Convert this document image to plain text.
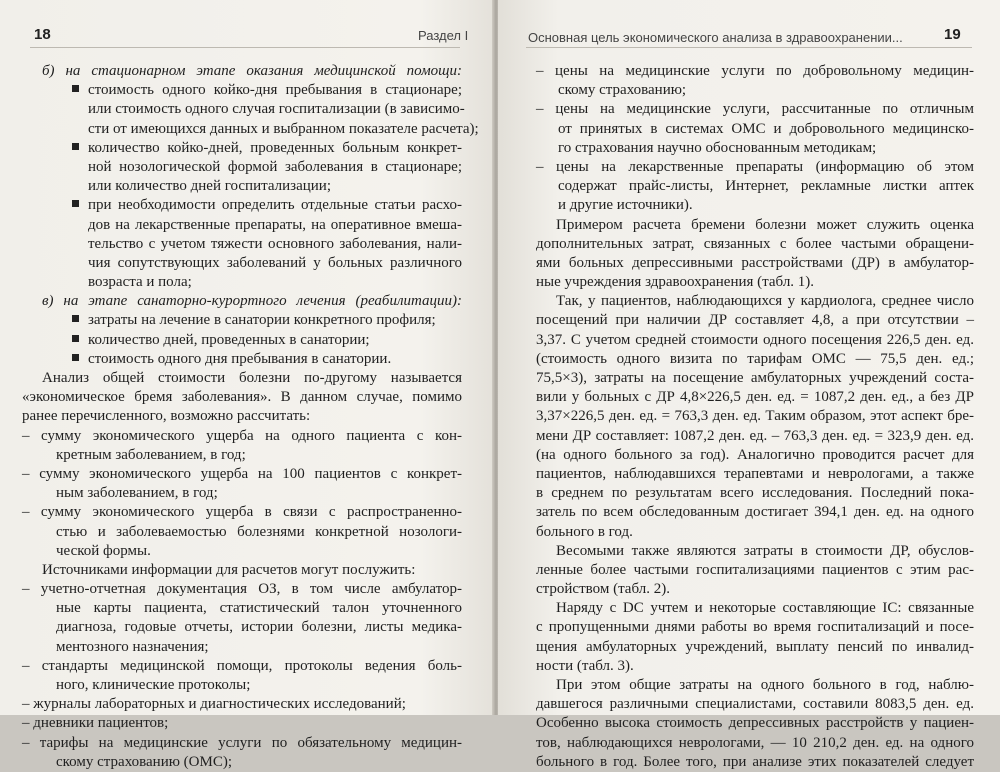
18	Раздел I
б) на стационарном этапе оказания медицинской помощи:
стоимость одного койко-дня пребывания в стационаре;
или стоимость одного случая госпитализации (в зависимо-
сти от имеющихся данных и выбранном показателе расчета);
количество койко-дней, проведенных больным конкрет-
ной нозологической формой заболевания в стационаре;
или количество дней госпитализации;
при необходимости определить отдельные статьи расхо-
дов на лекарственные препараты, на оперативное вмеша-
тельство с учетом тяжести основного заболевания, нали-
чия сопутствующих заболеваний у больных различного
возраста и пола;
в) на этапе санаторно-курортного лечения (реабилитации):
затраты на лечение в санатории конкретного профиля;
количество дней, проведенных в санатории;
стоимость одного дня пребывания в санатории.
Анализ общей стоимости болезни по-другому называется
«экономическое бремя заболевания». В данном случае, помимо
ранее перечисленного, возможно рассчитать:
– сумму экономического ущерба на одного пациента с кон-
кретным заболеванием, в год;
– сумму экономического ущерба на 100 пациентов с конкрет-
ным заболеванием, в год;
– сумму экономического ущерба в связи с распространенно-
стью и заболеваемостью болезнями конкретной нозологи-
ческой формы.
Источниками информации для расчетов могут послужить:
– учетно-отчетная документация ОЗ, в том числе амбулатор-
ные карты пациента, статистический талон уточненного
диагноза, годовые отчеты, истории болезни, листы медика-
ментозного назначения;
– стандарты медицинской помощи, протоколы ведения боль-
ного, клинические протоколы;
– журналы лабораторных и диагностических исследований;
– дневники пациентов;
– тарифы на медицинские услуги по обязательному медицин-
скому страхованию (ОМС);
Основная цель экономического анализа в здравоохранении...	19
– цены на медицинские услуги по добровольному медицин-
скому страхованию;
– цены на медицинские услуги, рассчитанные по отличным
от принятых в системах ОМС и добровольного медицинско-
го страхования научно обоснованным методикам;
– цены на лекарственные препараты (информацию об этом
содержат прайс-листы, Интернет, рекламные листки аптек
и другие источники).
Примером расчета бремени болезни может служить оценка
дополнительных затрат, связанных с более частыми обращени-
ями больных депрессивными расстройствами (ДР) в амбулатор-
ные учреждения здравоохранения (табл. 1).
Так, у пациентов, наблюдающихся у кардиолога, среднее число
посещений при наличии ДР составляет 4,8, а при отсутствии –
3,37. С учетом средней стоимости одного посещения 226,5 ден. ед.
(стоимость одного визита по тарифам ОМС — 75,5 ден. ед.;
75,5×3), затраты на посещение амбулаторных учреждений соста-
вили у больных с ДР 4,8×226,5 ден. ед. = 1087,2 ден. ед., а без ДР
3,37×226,5 ден. ед. = 763,3 ден. ед. Таким образом, этот аспект бре-
мени ДР составляет: 1087,2 ден. ед. – 763,3 ден. ед. = 323,9 ден. ед.
(на одного больного за год). Аналогично проводится расчет для
пациентов, наблюдавшихся терапевтами и неврологами, а также
в среднем по результатам всего исследования. Последний пока-
затель по всем обследованным достигает 394,1 ден. ед. на одного
больного в год.
Весомыми также являются затраты в стоимости ДР, обуслов-
ленные более частыми госпитализациями пациентов с этим рас-
стройством (табл. 2).
Наряду с DC учтем и некоторые составляющие IC: связанные
с пропущенными днями работы во время госпитализаций и посе-
щения амбулаторных учреждений, выплату пенсий по инвалид-
ности (табл. 3).
При этом общие затраты на одного больного в год, наблю-
давшегося различными специалистами, составили 8083,5 ден. ед.
Особенно высока стоимость депрессивных расстройств у пациен-
тов, наблюдающихся неврологами, — 10 210,2 ден. ед. на одного
больного в год. Более того, при анализе этих показателей следует
